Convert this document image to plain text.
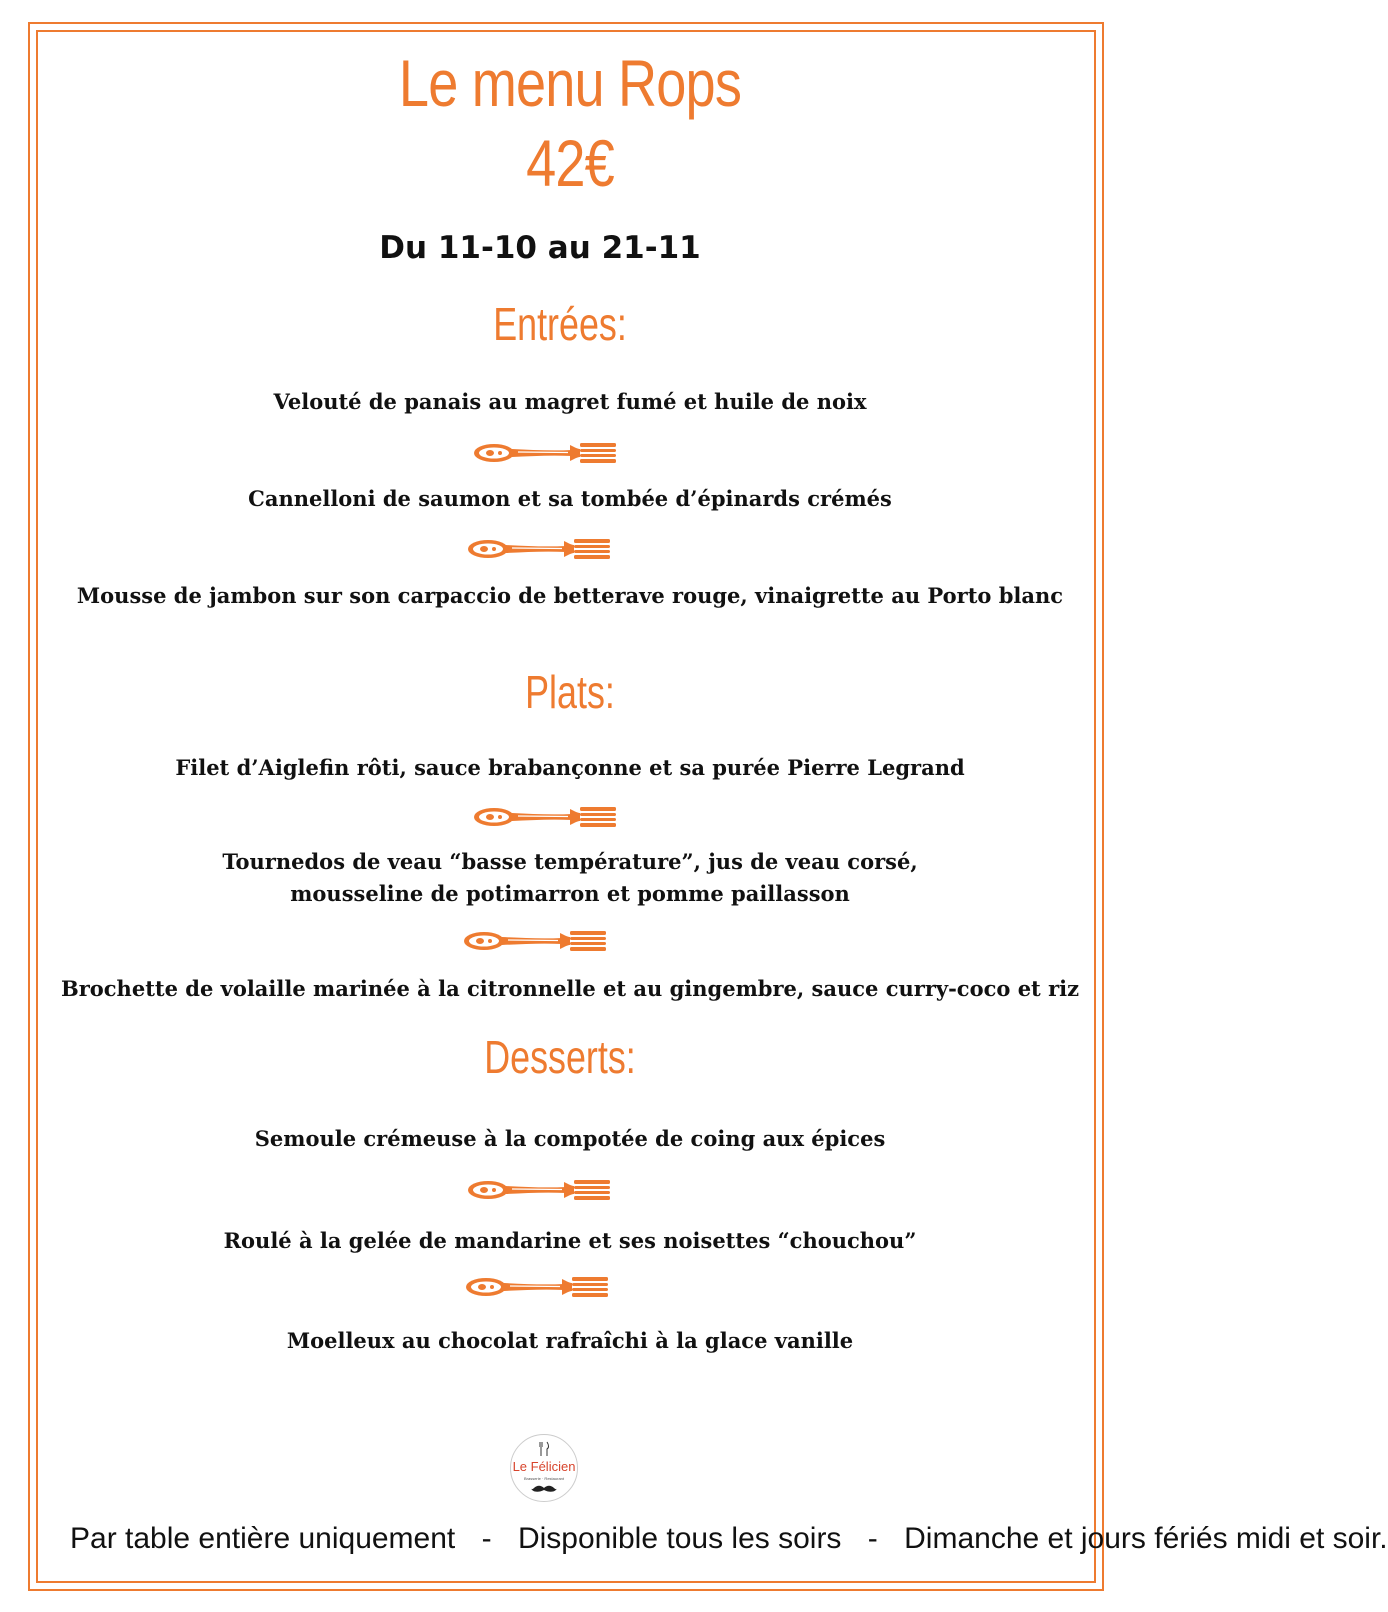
Le menu Rops
42€
Du 11-10 au 21-11
Entrées:
Velouté de panais au magret fumé et huile de noix
Cannelloni de saumon et sa tombée d’épinards crémés
Mousse de jambon sur son carpaccio de betterave rouge, vinaigrette au Porto blanc
Plats:
Filet d’Aiglefin rôti, sauce brabançonne et sa purée Pierre Legrand
Tournedos de veau “basse température”, jus de veau corsé,
mousseline de potimarron et pomme paillasson
Brochette de volaille marinée à la citronnelle et au gingembre, sauce curry-coco et riz
Desserts:
Semoule crémeuse à la compotée de coing aux épices
Roulé à la gelée de mandarine et ses noisettes “chouchou”
Moelleux au chocolat rafraîchi à la glace vanille
Le Félicien
Brasserie · Restaurant
Par table entière uniquement - Disponible tous les soirs - Dimanche et jours fériés midi et soir.
